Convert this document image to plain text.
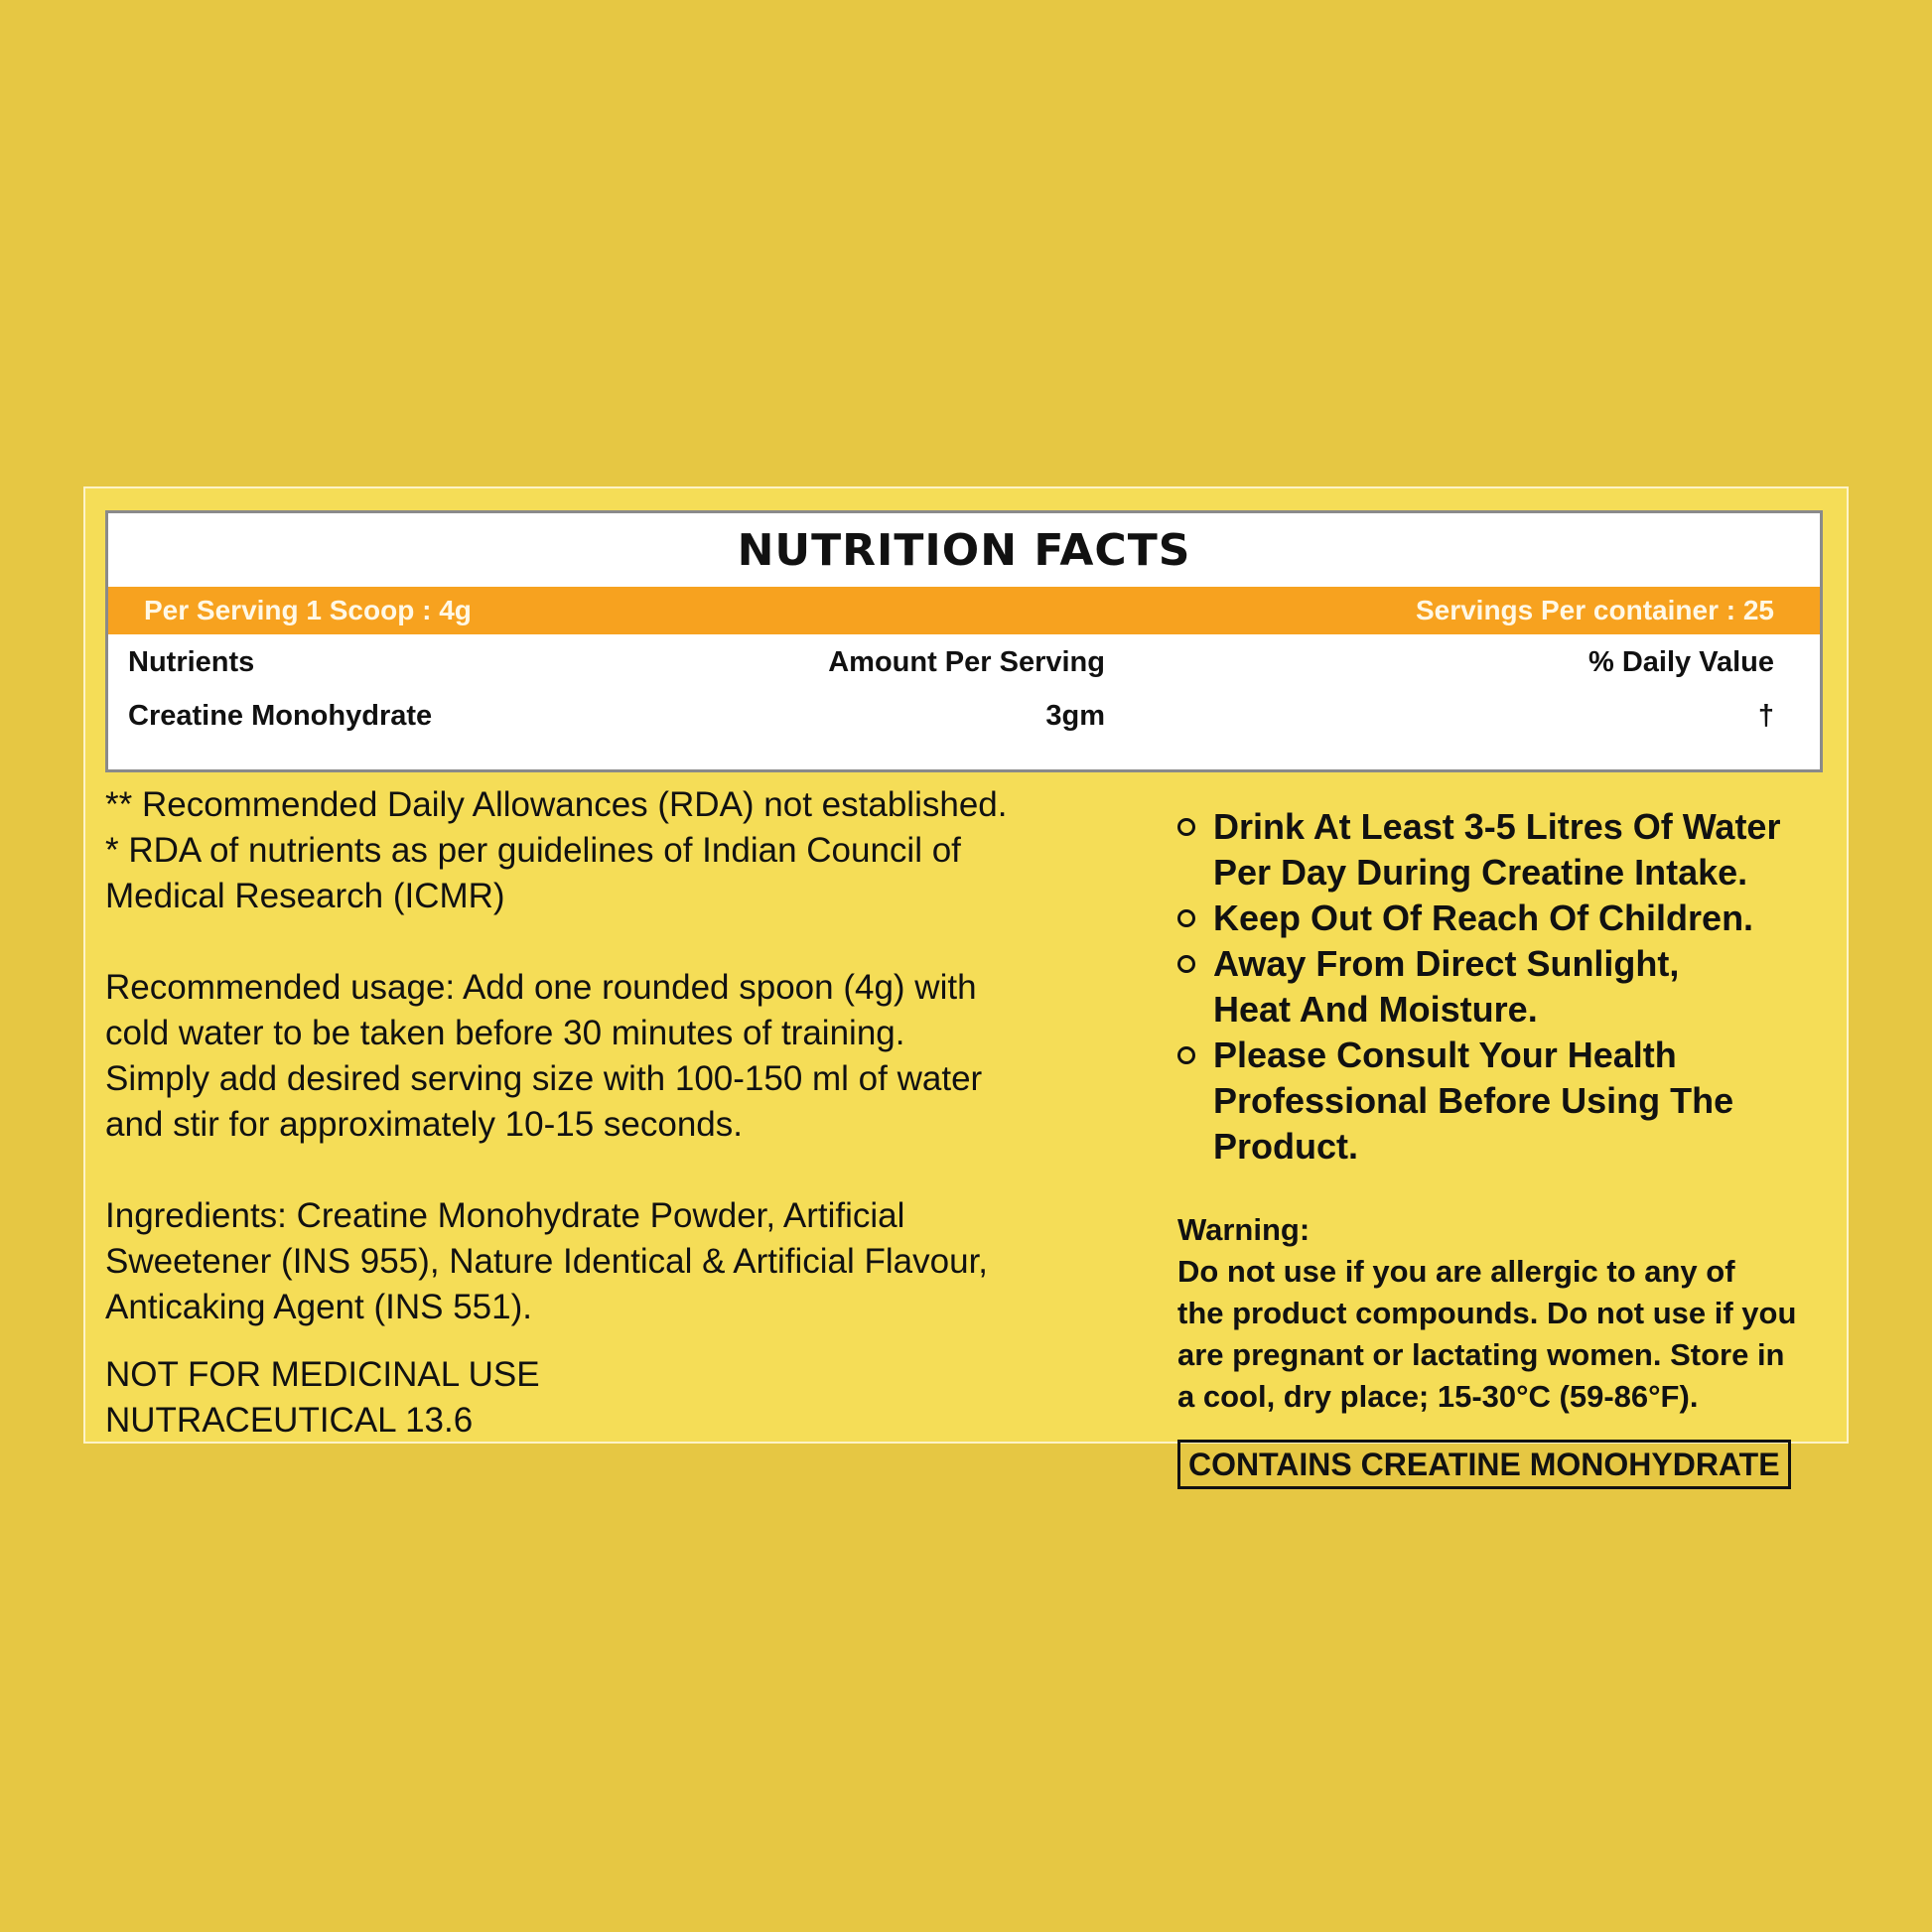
NUTRITION FACTS
Per Serving 1 Scoop : 4g	Servings Per container : 25
Nutrients	Amount Per Serving	% Daily Value
Creatine Monohydrate	3gm	†

** Recommended Daily Allowances (RDA) not established.

* RDA of nutrients as per guidelines of Indian Council of
Medical Research (ICMR)

Recommended usage: Add one rounded spoon (4g) with
cold water to be taken before 30 minutes of training.
Simply add desired serving size with 100-150 ml of water
and stir for approximately 10-15 seconds.

Ingredients: Creatine Monohydrate Powder, Artificial
Sweetener (INS 955), Nature Identical & Artificial Flavour,
Anticaking Agent (INS 551).

NOT FOR MEDICINAL USE

NUTRACEUTICAL 13.6

Drink At Least 3-5 Litres Of Water
Per Day During Creatine Intake.
Keep Out Of Reach Of Children.
Away From Direct Sunlight,
Heat And Moisture.
Please Consult Your Health
Professional Before Using The Product.
Warning:
Do not use if you are allergic to any of
the product compounds. Do not use if you
are pregnant or lactating women. Store in
a cool, dry place; 15-30°C (59-86°F).
CONTAINS CREATINE MONOHYDRATE
